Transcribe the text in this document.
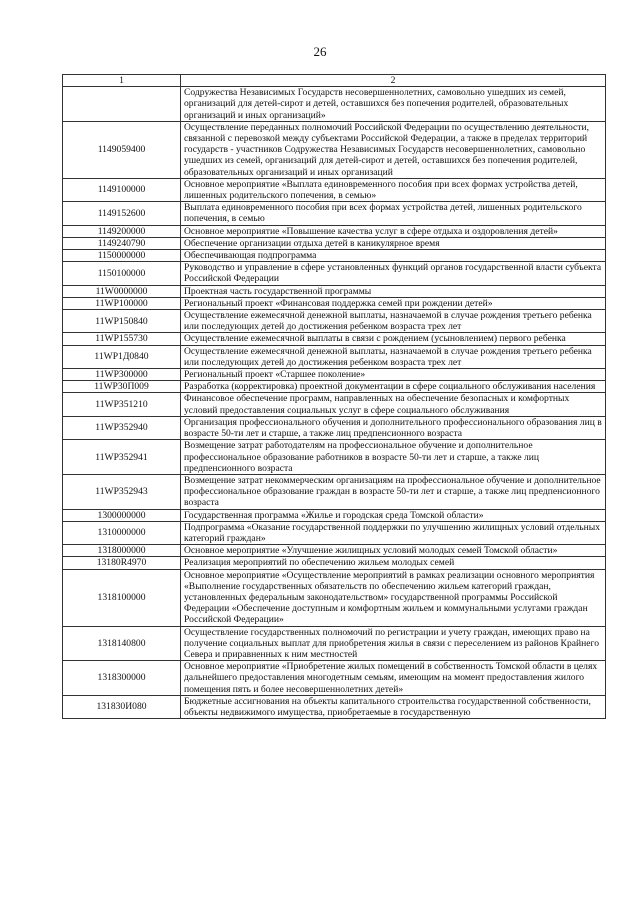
26
1	2
	Содружества Независимых Государств несовершеннолетних, самовольно ушедших из семей, организаций для детей-сирот и детей, оставшихся без попечения родителей, образовательных организаций и иных организаций»
1149059400	Осуществление переданных полномочий Российской Федерации по осуществлению деятельности, связанной с перевозкой между субъектами Российской Федерации, а также в пределах территорий государств - участников Содружества Независимых Государств несовершеннолетних, самовольно ушедших из семей, организаций для детей-сирот и детей, оставшихся без попечения родителей, образовательных организаций и иных организаций
1149100000	Основное мероприятие «Выплата единовременного пособия при всех формах устройства детей, лишенных родительского попечения, в семью»
1149152600	Выплата единовременного пособия при всех формах устройства детей, лишенных родительского попечения, в семью
1149200000	Основное мероприятие «Повышение качества услуг в сфере отдыха и оздоровления детей»
1149240790	Обеспечение организации отдыха детей в каникулярное время
1150000000	Обеспечивающая подпрограмма
1150100000	Руководство и управление в сфере установленных функций органов государственной власти субъекта Российской Федерации
11W0000000	Проектная часть государственной программы
11WP100000	Региональный проект «Финансовая поддержка семей при рождении детей»
11WP150840	Осуществление ежемесячной денежной выплаты, назначаемой в случае рождения третьего ребенка или последующих детей до достижения ребенком возраста трех лет
11WP155730	Осуществление ежемесячной выплаты в связи с рождением (усыновлением) первого ребенка
11WP1Д0840	Осуществление ежемесячной денежной выплаты, назначаемой в случае рождения третьего ребенка или последующих детей до достижения ребенком возраста трех лет
11WP300000	Региональный проект «Старшее поколение»
11WP30П009	Разработка (корректировка) проектной документации в сфере социального обслуживания населения
11WP351210	Финансовое обеспечение программ, направленных на обеспечение безопасных и комфортных условий предоставления социальных услуг в сфере социального обслуживания
11WP352940	Организация профессионального обучения и дополнительного профессионального образования лиц в возрасте 50-ти лет и старше, а также лиц предпенсионного возраста
11WP352941	Возмещение затрат работодателям на профессиональное обучение и дополнительное профессиональное образование работников в возрасте 50-ти лет и старше, а также лиц предпенсионного возраста
11WP352943	Возмещение затрат некоммерческим организациям на профессиональное обучение и дополнительное профессиональное образование граждан в возрасте 50-ти лет и старше, а также лиц предпенсионного возраста
1300000000	Государственная программа «Жилье и городская среда Томской области»
1310000000	Подпрограмма «Оказание государственной поддержки по улучшению жилищных условий отдельных категорий граждан»
1318000000	Основное мероприятие «Улучшение жилищных условий молодых семей Томской области»
13180R4970	Реализация мероприятий по обеспечению жильем молодых семей
1318100000	Основное мероприятие «Осуществление мероприятий в рамках реализации основного мероприятия «Выполнение государственных обязательств по обеспечению жильем категорий граждан, установленных федеральным законодательством» государственной программы Российской Федерации «Обеспечение доступным и комфортным жильем и коммунальными услугами граждан Российской Федерации»
1318140800	Осуществление государственных полномочий по регистрации и учету граждан, имеющих право на получение социальных выплат для приобретения жилья в связи с переселением из районов Крайнего Севера и приравненных к ним местностей
1318300000	Основное мероприятие «Приобретение жилых помещений в собственность Томской области в целях дальнейшего предоставления многодетным семьям, имеющим на момент предоставления жилого помещения пять и более несовершеннолетних детей»
131830И080	Бюджетные ассигнования на объекты капитального строительства государственной собственности, объекты недвижимого имущества, приобретаемые в государственную
